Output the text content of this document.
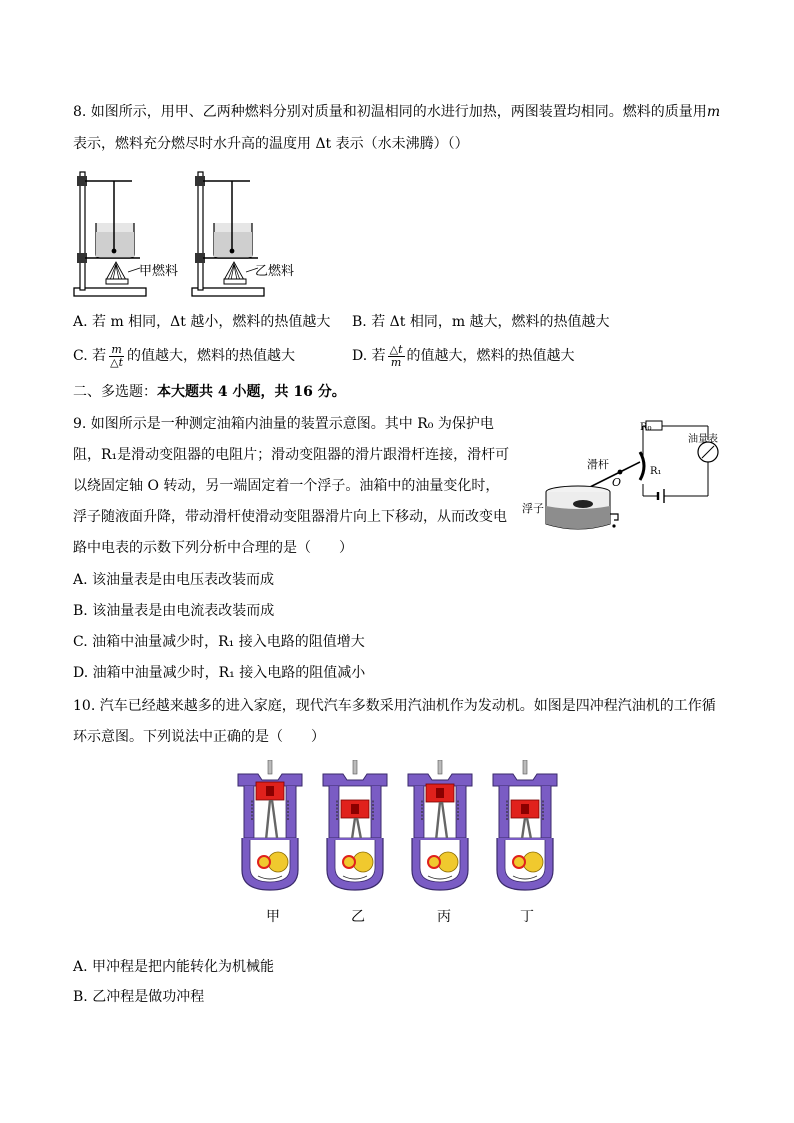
8. 如图所示，用甲、乙两种燃料分别对质量和初温相同的水进行加热，两图装置均相同。燃料的质量用m
表示，燃料充分燃尽时水升高的温度用 Δt 表示（水未沸腾）（）
甲燃料	乙燃料
A. 若 m 相同，Δt 越小，燃料的热值越大 B. 若 Δt 相同，m 越大，燃料的热值越大
C. 若 $\frac{m}{\triangle t}$ 的值越大，燃料的热值越大	D. 若 $\frac{\triangle t}{m}$ 的值越大，燃料的热值越大
二、多选题：本大题共 4 小题，共 16 分。
9. 如图所示是一种测定油箱内油量的装置示意图。其中 R₀ 为保护电
阻，R₁是滑动变阻器的电阻片；滑动变阻器的滑片跟滑杆连接，滑杆可
以绕固定轴 O 转动，另一端固定着一个浮子。油箱中的油量变化时，
浮子随液面升降，带动滑杆使滑动变阻器滑片向上下移动，从而改变电
路中电表的示数下列分析中合理的是（　　）
R₀
油量表
滑杆
O
R₁
浮子
A. 该油量表是由电压表改装而成
B. 该油量表是由电流表改装而成
C. 油箱中油量减少时，R₁ 接入电路的阻值增大
D. 油箱中油量减少时，R₁ 接入电路的阻值减小
10. 汽车已经越来越多的进入家庭，现代汽车多数采用汽油机作为发动机。如图是四冲程汽油机的工作循
环示意图。下列说法中正确的是（　　）
甲	乙	丙	丁
A. 甲冲程是把内能转化为机械能
B. 乙冲程是做功冲程
